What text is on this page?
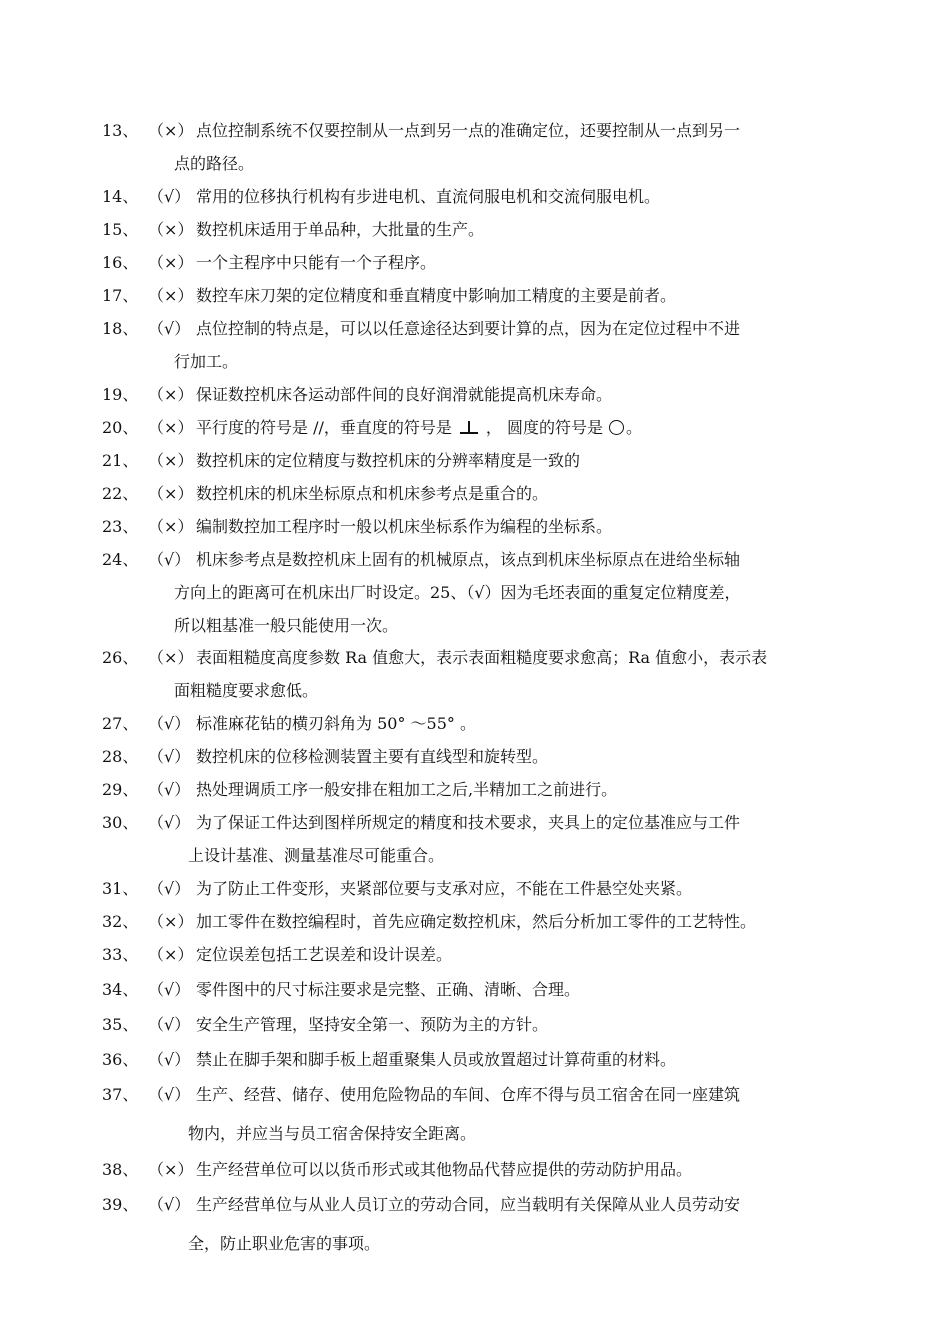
13、 （×） 点位控制系统不仅要控制从一点到另一点的准确定位，还要控制从一点到另一
点的路径。
14、 （√） 常用的位移执行机构有步进电机、直流伺服电机和交流伺服电机。
15、 （×） 数控机床适用于单品种，大批量的生产。
16、 （×） 一个主程序中只能有一个子程序。
17、 （×） 数控车床刀架的定位精度和垂直精度中影响加工精度的主要是前者。
18、 （√） 点位控制的特点是，可以以任意途径达到要计算的点，因为在定位过程中不进
行加工。
19、 （×） 保证数控机床各运动部件间的良好润滑就能提高机床寿命。
20、 （×） 平行度的符号是 //，垂直度的符号是 ， 圆度的符号是 。
21、 （×） 数控机床的定位精度与数控机床的分辨率精度是一致的
22、 （×） 数控机床的机床坐标原点和机床参考点是重合的。
23、 （×） 编制数控加工程序时一般以机床坐标系作为编程的坐标系。
24、 （√） 机床参考点是数控机床上固有的机械原点，该点到机床坐标原点在进给坐标轴
方向上的距离可在机床出厂时设定。25、（√）因为毛坯表面的重复定位精度差，
所以粗基准一般只能使用一次。
26、 （×） 表面粗糙度高度参数 Ra 值愈大，表示表面粗糙度要求愈高；Ra 值愈小，表示表
面粗糙度要求愈低。
27、 （√） 标准麻花钻的横刃斜角为 50° ～55° 。
28、 （√） 数控机床的位移检测装置主要有直线型和旋转型。
29、 （√） 热处理调质工序一般安排在粗加工之后,半精加工之前进行。
30、 （√） 为了保证工件达到图样所规定的精度和技术要求，夹具上的定位基准应与工件
上设计基准、测量基准尽可能重合。
31、 （√） 为了防止工件变形，夹紧部位要与支承对应，不能在工件悬空处夹紧。
32、 （×） 加工零件在数控编程时，首先应确定数控机床，然后分析加工零件的工艺特性。
33、 （×） 定位误差包括工艺误差和设计误差。
34、 （√） 零件图中的尺寸标注要求是完整、正确、清晰、合理。
35、 （√） 安全生产管理，坚持安全第一、预防为主的方针。
36、 （√） 禁止在脚手架和脚手板上超重聚集人员或放置超过计算荷重的材料。
37、 （√） 生产、经营、储存、使用危险物品的车间、仓库不得与员工宿舍在同一座建筑
物内，并应当与员工宿舍保持安全距离。
38、 （×） 生产经营单位可以以货币形式或其他物品代替应提供的劳动防护用品。
39、 （√） 生产经营单位与从业人员订立的劳动合同，应当载明有关保障从业人员劳动安
全，防止职业危害的事项。
